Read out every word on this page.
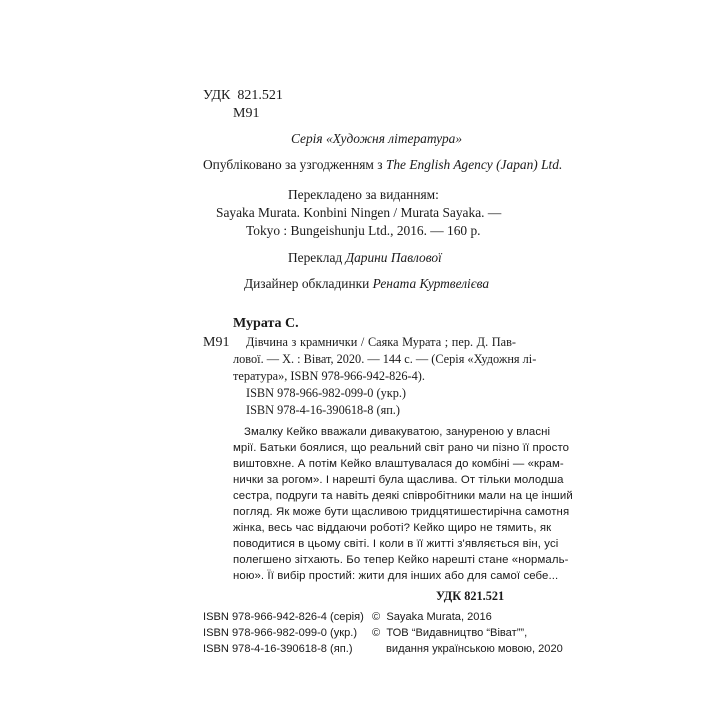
УДК 821.521
М91
Серія «Художня література»
Опубліковано за узгодженням з The English Agency (Japan) Ltd.
Перекладено за виданням:
Sayaka Murata. Konbini Ningen / Murata Sayaka. —
Tokyo : Bungeishunju Ltd., 2016. — 160 p.
Переклад Дарини Павлової
Дизайнер обкладинки Рената Куртвелієва
Мурата С.
М91 Дівчина з крамнички / Саяка Мурата ; пер. Д. Пав-
лової. — Х. : Віват, 2020. — 144 с. — (Серія «Художня лі-
тература», ISBN 978-966-942-826-4).
ISBN 978-966-982-099-0 (укр.)
ISBN 978-4-16-390618-8 (яп.)
Змалку Кейко вважали дивакуватою, зануреною у власні
мрії. Батьки боялися, що реальний світ рано чи пізно її просто
виштовхне. А потім Кейко влаштувалася до комбіні — «крам-
нички за рогом». І нарешті була щаслива. От тільки молодша
сестра, подруги та навіть деякі співробітники мали на це інший
погляд. Як може бути щасливою тридцятишестирічна самотня
жінка, весь час віддаючи роботі? Кейко щиро не тямить, як
поводитися в цьому світі. І коли в її житті з'являється він, усі
полегшено зітхають. Бо тепер Кейко нарешті стане «нормаль-
ною». Її вибір простий: жити для інших або для самої себе...
УДК 821.521
ISBN 978-966-942-826-4 (серія)
ISBN 978-966-982-099-0 (укр.)
ISBN 978-4-16-390618-8 (яп.)
© Sayaka Murata, 2016
© ТОВ “Видавництво “Віват””,
видання українською мовою, 2020
